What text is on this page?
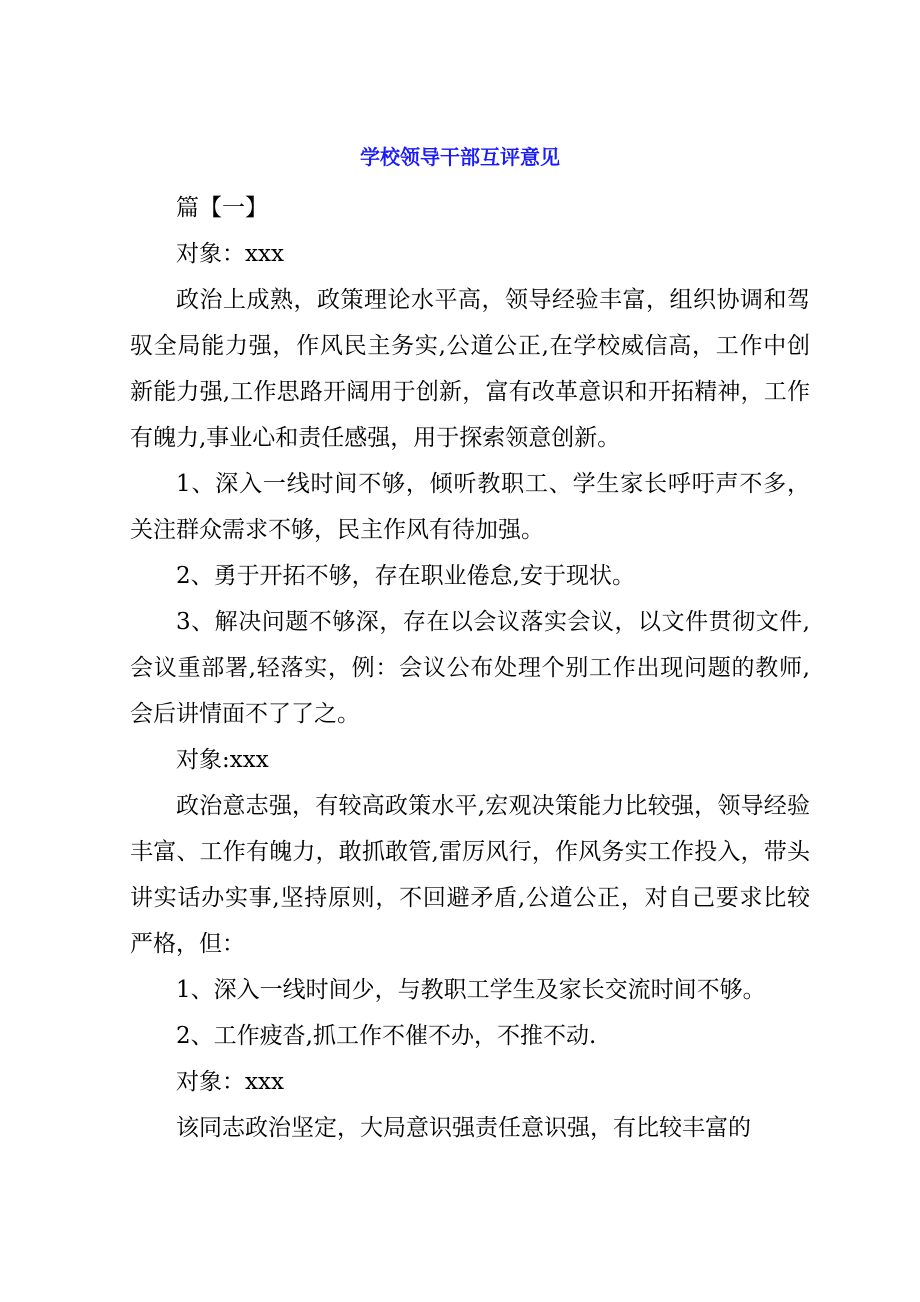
学校领导干部互评意见

篇【一】

对象：xxx

政治上成熟，政策理论水平高，领导经验丰富，组织协调和驾驭全局能力强，作风民主务实,公道公正,在学校威信高，工作中创新能力强,工作思路开阔用于创新，富有改革意识和开拓精神，工作有魄力,事业心和责任感强，用于探索领意创新。

1、深入一线时间不够，倾听教职工、学生家长呼吁声不多，关注群众需求不够，民主作风有待加强。

2、勇于开拓不够，存在职业倦怠,安于现状。

3、解决问题不够深，存在以会议落实会议，以文件贯彻文件,会议重部署,轻落实，例：会议公布处理个别工作出现问题的教师,会后讲情面不了了之。

对象:xxx

政治意志强，有较高政策水平,宏观决策能力比较强，领导经验丰富、工作有魄力，敢抓敢管,雷厉风行，作风务实工作投入，带头讲实话办实事,坚持原则，不回避矛盾,公道公正，对自己要求比较严格，但：

1、深入一线时间少，与教职工学生及家长交流时间不够。

2、工作疲沓,抓工作不催不办，不推不动.

对象：xxx

该同志政治坚定，大局意识强责任意识强，有比较丰富的
